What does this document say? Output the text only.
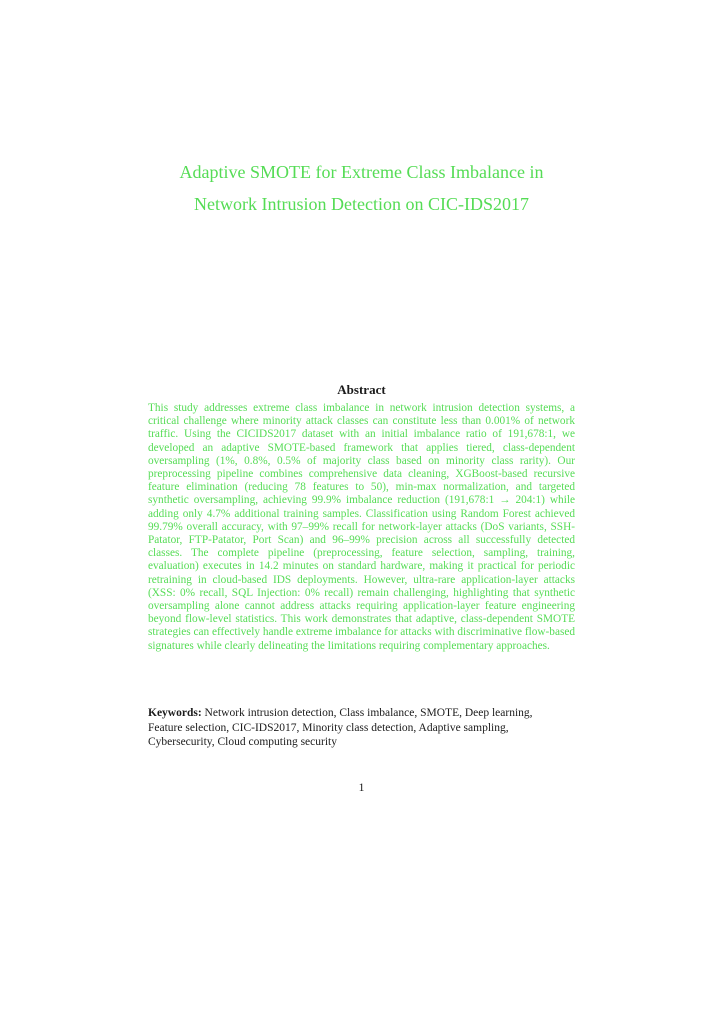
Adaptive SMOTE for Extreme Class Imbalance in
Network Intrusion Detection on CIC-IDS2017
Abstract
This study addresses extreme class imbalance in network intrusion detection systems, a critical challenge where minority attack classes can constitute less than 0.001% of network traffic. Using the CICIDS2017 dataset with an initial imbalance ratio of 191,678:1, we developed an adaptive SMOTE-based framework that applies tiered, class-dependent oversampling (1%, 0.8%, 0.5% of majority class based on minority class rarity). Our preprocessing pipeline combines comprehensive data cleaning, XGBoost-based recursive feature elimination (reducing 78 features to 50), min-max normalization, and targeted synthetic oversampling, achieving 99.9% imbalance reduction (191,678:1 → 204:1) while adding only 4.7% additional training samples. Classification using Random Forest achieved 99.79% overall accuracy, with 97–99% recall for network-layer attacks (DoS variants, SSH-Patator, FTP-Patator, Port Scan) and 96–99% precision across all successfully detected classes. The complete pipeline (preprocessing, feature selection, sampling, training, evaluation) executes in 14.2 minutes on standard hardware, making it practical for periodic retraining in cloud-based IDS deployments. However, ultra-rare application-layer attacks (XSS: 0% recall, SQL Injection: 0% recall) remain challenging, highlighting that synthetic oversampling alone cannot address attacks requiring application-layer feature engineering beyond flow-level statistics. This work demonstrates that adaptive, class-dependent SMOTE strategies can effectively handle extreme imbalance for attacks with discriminative flow-based signatures while clearly delineating the limitations requiring complementary approaches.
Keywords: Network intrusion detection, Class imbalance, SMOTE, Deep learning,
Feature selection, CIC-IDS2017, Minority class detection, Adaptive sampling,
Cybersecurity, Cloud computing security
1
